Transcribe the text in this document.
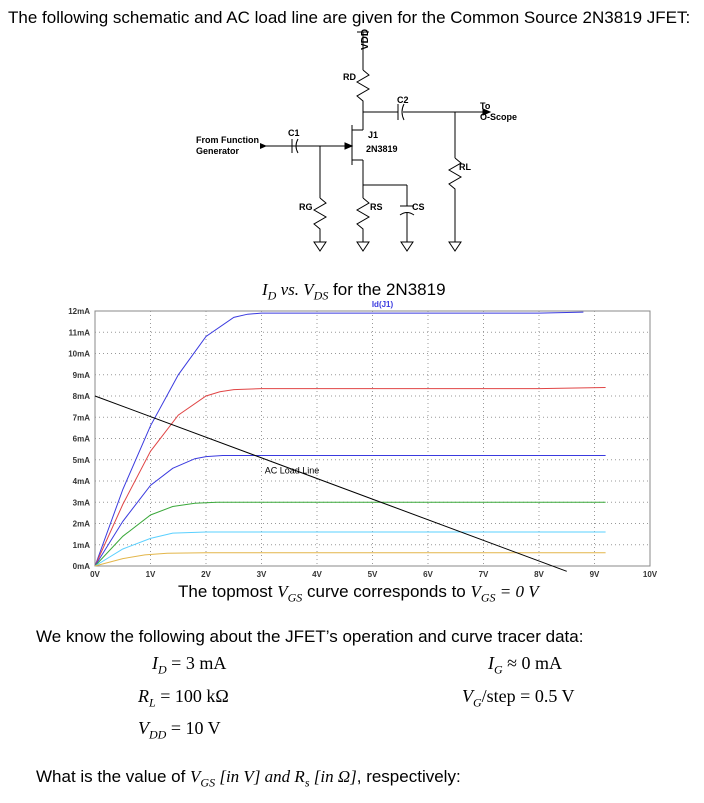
The following schematic and AC load line are given for the Common Source 2N3819 JFET:
VDD
RD
C2
To
O-Scope
C1
From Function
Generator
J1
2N3819
RL
RG	RS	CS
$I_D$ vs. $V_{DS}$ for the 2N3819
0V	1V	2V	3V	4V	5V	6V	7V	8V	9V	10V
0mA
1mA
2mA
3mA
4mA
5mA
6mA
7mA
8mA
9mA
10mA
11mA
12mA
Id(J1)
AC Load Line
The topmost $V_{GS}$ curve corresponds to $V_{GS} = 0$ V
We know the following about the JFET’s operation and curve tracer data:
$I_D = 3$ mA	$I_G \approx 0$ mA
$R_L = 100$ kΩ	$V_G$/step = 0.5 V
$V_{DD} = 10$ V
What is the value of $V_{GS}$ [in V] and $R_s$ [in Ω], respectively:
